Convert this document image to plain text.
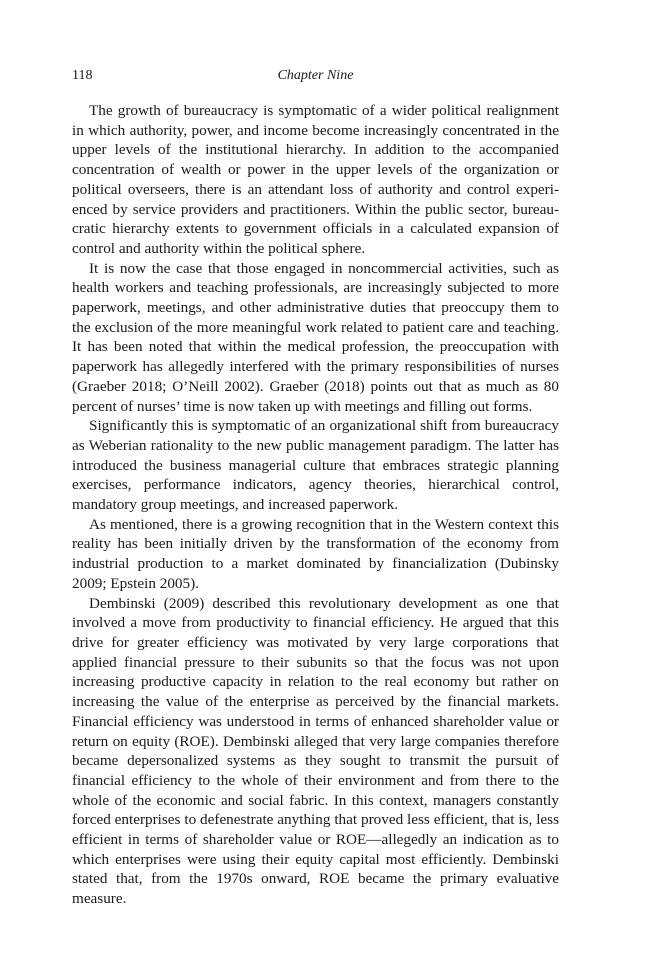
118	Chapter Nine

The growth of bureaucracy is symptomatic of a wider political realignment in which authority, power, and income become increasingly concentrated in the upper levels of the institutional hierarchy. In addition to the accompanied concentration of wealth or power in the upper levels of the organization or political overseers, there is an attendant loss of authority and control experienced by service providers and practitioners. Within the public sector, bureaucratic hierarchy extents to government officials in a calculated expansion of control and authority within the political sphere.

It is now the case that those engaged in noncommercial activities, such as health workers and teaching professionals, are increasingly subjected to more paperwork, meetings, and other administrative duties that preoccupy them to the exclusion of the more meaningful work related to patient care and teaching. It has been noted that within the medical profession, the preoccupation with paperwork has allegedly interfered with the primary responsibilities of nurses (Graeber 2018; O’Neill 2002). Graeber (2018) points out that as much as 80 percent of nurses’ time is now taken up with meetings and filling out forms.

Significantly this is symptomatic of an organizational shift from bureaucracy as Weberian rationality to the new public management paradigm. The latter has introduced the business managerial culture that embraces strategic planning exercises, performance indicators, agency theories, hierarchical control, mandatory group meetings, and increased paperwork.

As mentioned, there is a growing recognition that in the Western context this reality has been initially driven by the transformation of the economy from industrial production to a market dominated by financialization (Dubinsky 2009; Epstein 2005).

Dembinski (2009) described this revolutionary development as one that involved a move from productivity to financial efficiency. He argued that this drive for greater efficiency was motivated by very large corporations that applied financial pressure to their subunits so that the focus was not upon increasing productive capacity in relation to the real economy but rather on increasing the value of the enterprise as perceived by the financial markets. Financial efficiency was understood in terms of enhanced shareholder value or return on equity (ROE). Dembinski alleged that very large companies therefore became depersonalized systems as they sought to transmit the pursuit of financial efficiency to the whole of their environment and from there to the whole of the economic and social fabric. In this context, managers constantly forced enterprises to defenestrate anything that proved less efficient, that is, less efficient in terms of shareholder value or ROE—allegedly an indication as to which enterprises were using their equity capital most efficiently. Dembinski stated that, from the 1970s onward, ROE became the primary evaluative measure.
